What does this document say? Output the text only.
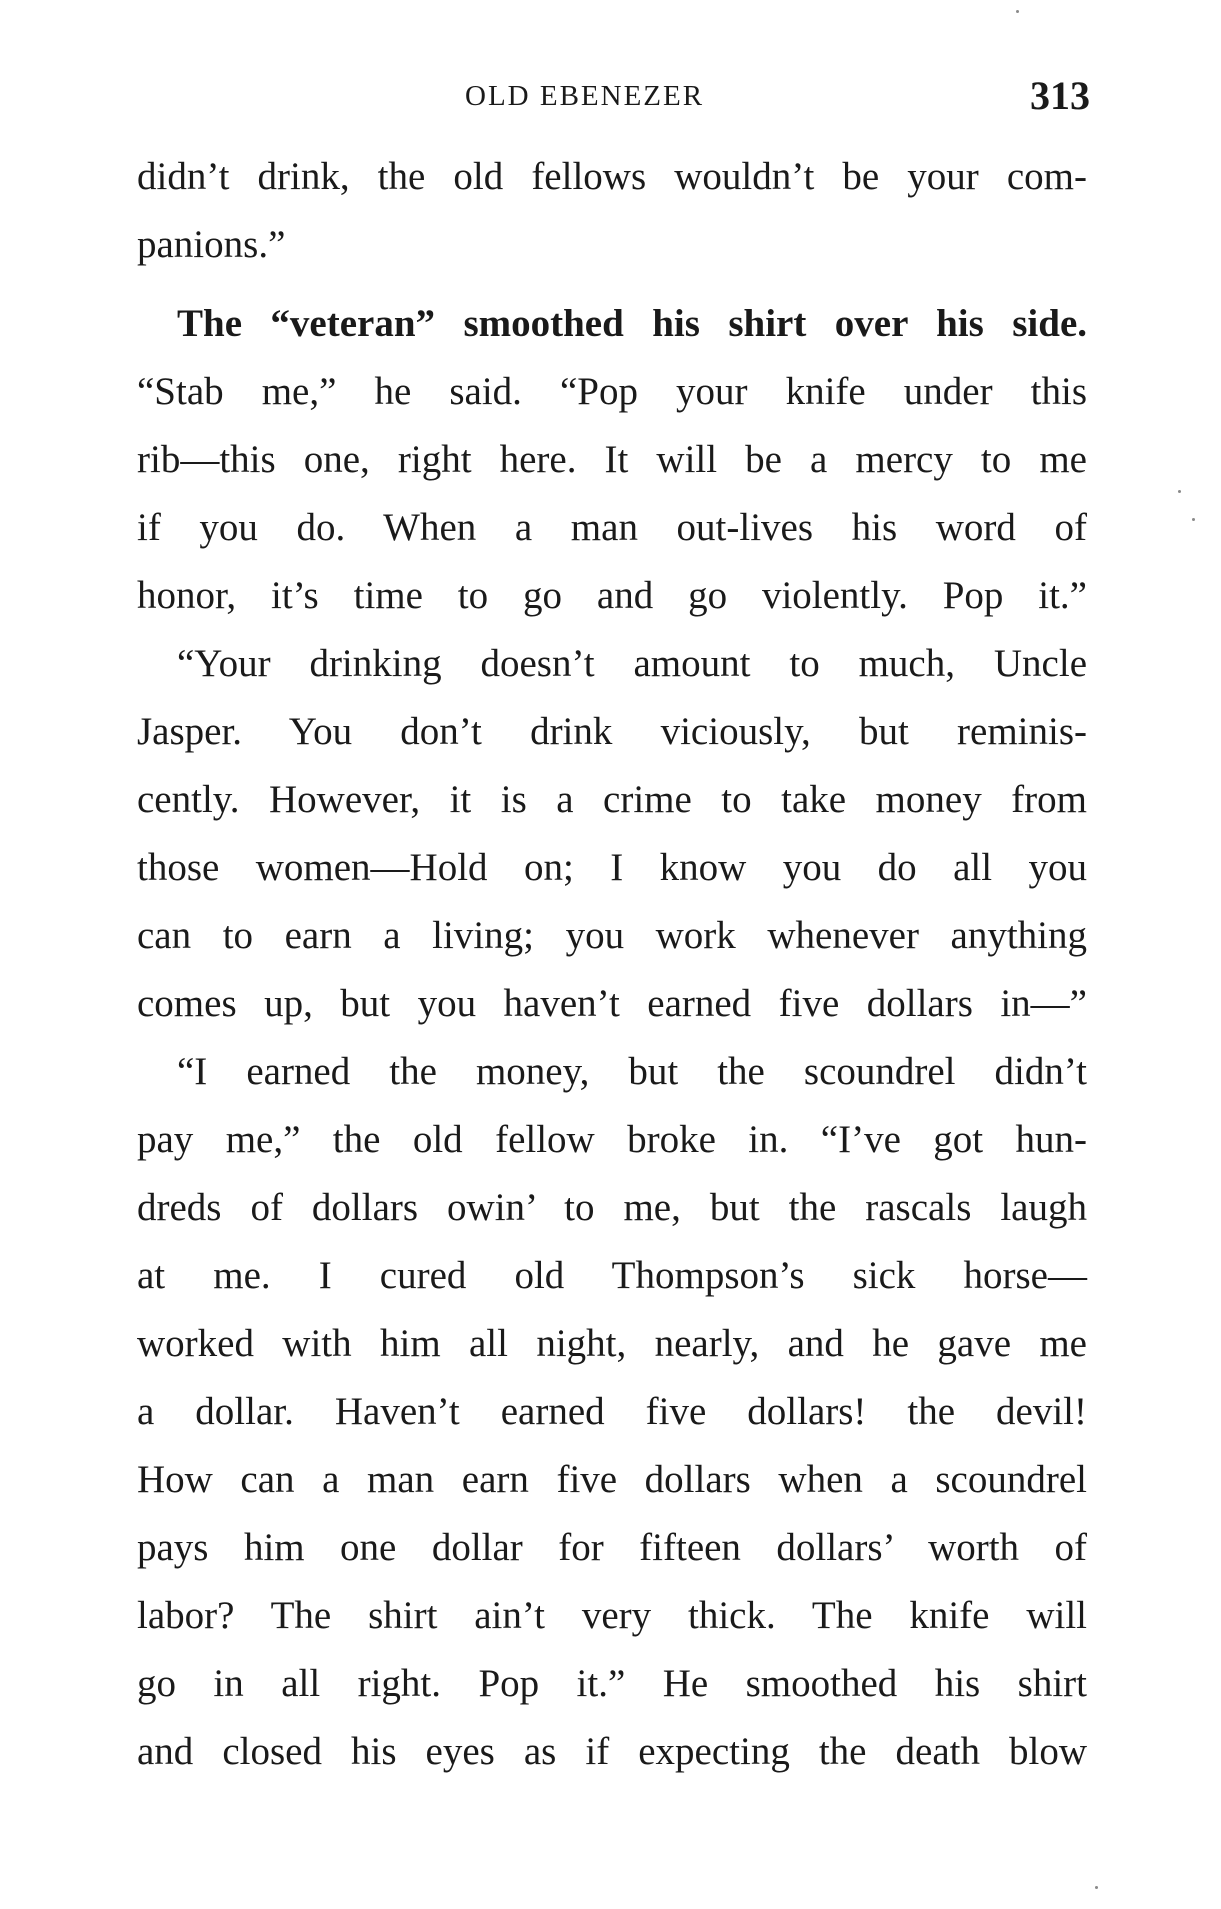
OLD EBENEZER	313
didn’t drink, the old fellows wouldn’t be your com-
panions.”
The “veteran” smoothed his shirt over his side.
“Stab me,” he said. “Pop your knife under this
rib—this one, right here. It will be a mercy to me
if you do. When a man out-lives his word of
honor, it’s time to go and go violently. Pop it.”
“Your drinking doesn’t amount to much, Uncle
Jasper. You don’t drink viciously, but reminis-
cently. However, it is a crime to take money from
those women—Hold on; I know you do all you
can to earn a living; you work whenever anything
comes up, but you haven’t earned five dollars in—”
“I earned the money, but the scoundrel didn’t
pay me,” the old fellow broke in. “I’ve got hun-
dreds of dollars owin’ to me, but the rascals laugh
at me. I cured old Thompson’s sick horse—
worked with him all night, nearly, and he gave me
a dollar. Haven’t earned five dollars! the devil!
How can a man earn five dollars when a scoundrel
pays him one dollar for fifteen dollars’ worth of
labor? The shirt ain’t very thick. The knife will
go in all right. Pop it.” He smoothed his shirt
and closed his eyes as if expecting the death blow
